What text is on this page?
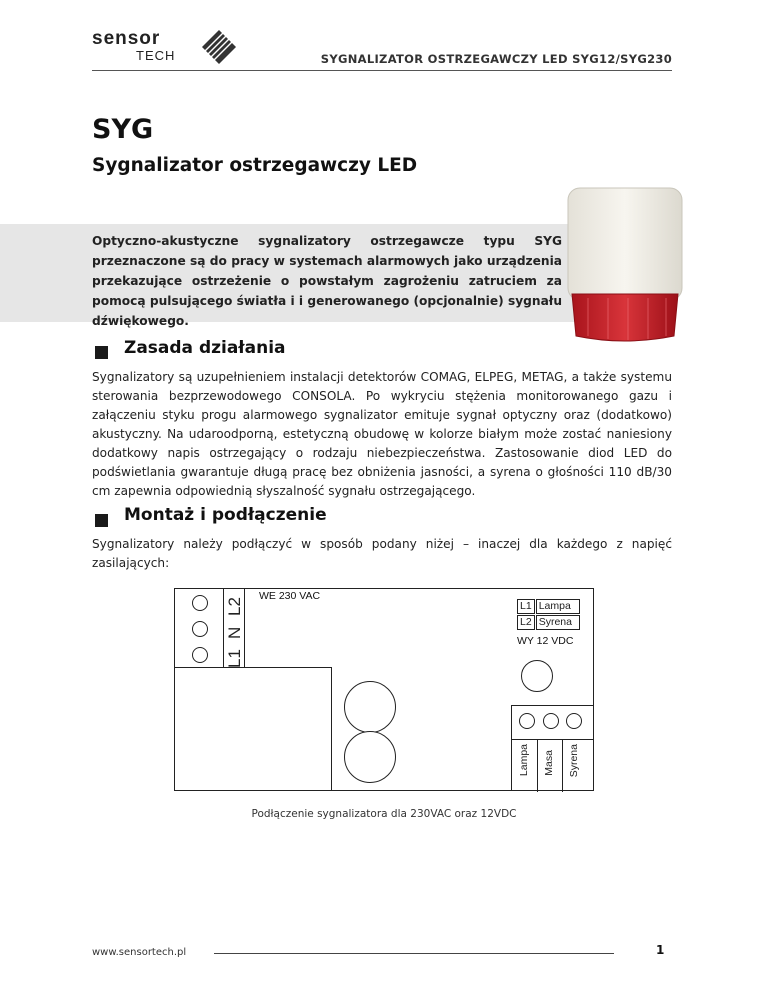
sensor
TECH	SYGNALIZATOR OSTRZEGAWCZY LED SYG12/SYG230
SYG
Sygnalizator ostrzegawczy LED
Optyczno-akustyczne sygnalizatory ostrzegawcze typu SYG przeznaczone są do pracy w systemach alarmowych jako urządzenia przekazujące ostrzeżenie o powstałym zagrożeniu zatruciem za pomocą pulsującego światła i i generowanego (opcjonalnie) sygnału dźwiękowego.
Zasada działania
Sygnalizatory są uzupełnieniem instalacji detektorów COMAG, ELPEG, METAG, a także systemu sterowania bezprzewodowego CONSOLA. Po wykryciu stężenia monitorowanego gazu i załączeniu styku progu alarmowego sygnalizator emituje sygnał optyczny oraz (dodatkowo) akustyczny. Na udaroodporną, estetyczną obudowę w kolorze białym może zostać naniesiony dodatkowy napis ostrzegający o rodzaju niebezpieczeństwa. Zastosowanie diod LED do podświetlania gwarantuje długą pracę bez obniżenia jasności, a syrena o głośności 110 dB/30 cm zapewnia odpowiednią słyszalność sygnału ostrzegającego.
Montaż i podłączenie
Sygnalizatory należy podłączyć w sposób podany niżej – inaczej dla każdego z napięć zasilających:
L1
N
L2
WE 230 VAC
L1 Lampa
L2 Syrena
WY 12 VDC
Lampa Masa Syrena
Podłączenie sygnalizatora dla 230VAC oraz 12VDC
www.sensortech.pl	1
